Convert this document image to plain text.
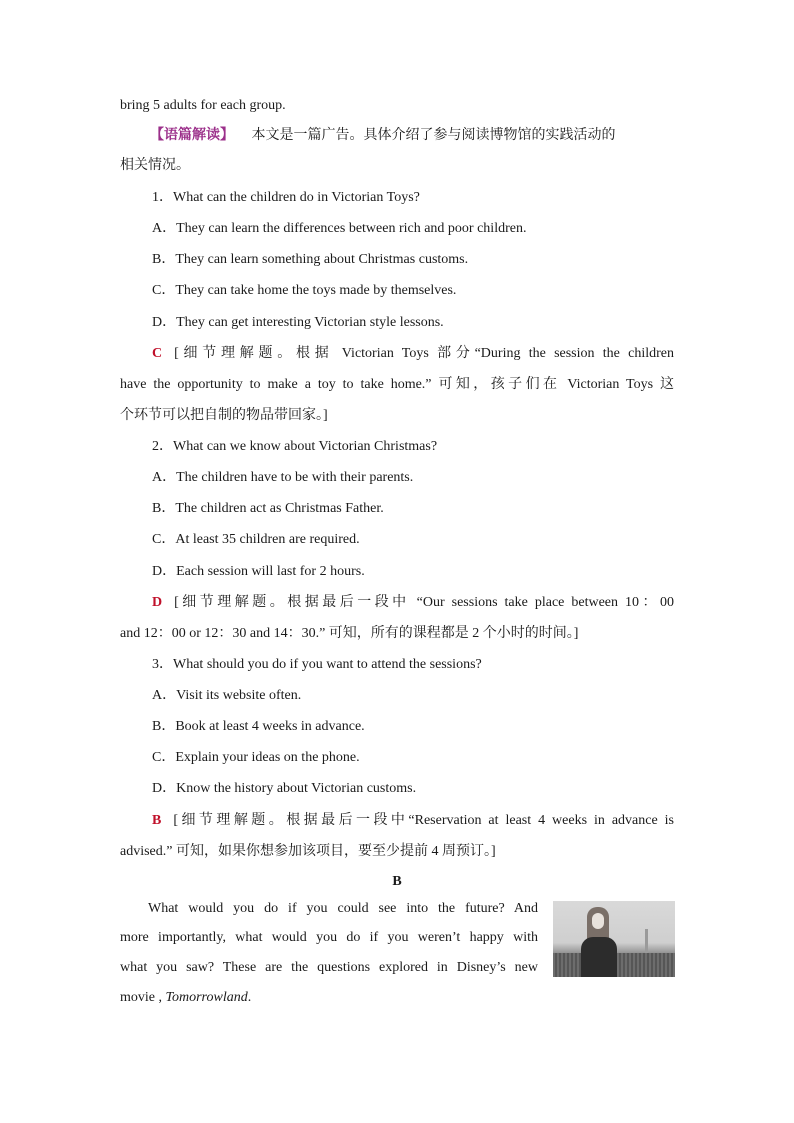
bring 5 adults for each group.
【语篇解读】 本文是一篇广告。具体介绍了参与阅读博物馆的实践活动的
相关情况。
1．What can the children do in Victorian Toys?
A．They can learn the differences between rich and poor children.
B．They can learn something about Christmas customs.
C．They can take home the toys made by themselves.
D．They can get interesting Victorian style lessons.
C [细节理解题。根据 Victorian Toys 部分“During the session the children
have the opportunity to make a toy to take home.” 可知，孩子们在 Victorian Toys 这
个环节可以把自制的物品带回家。]
2．What can we know about Victorian Christmas?
A．The children have to be with their parents.
B．The children act as Christmas Father.
C．At least 35 children are required.
D．Each session will last for 2 hours.
D [细节理解题。根据最后一段中 “Our sessions take place between 10：00
and 12：00 or 12：30 and 14：30.” 可知，所有的课程都是 2 个小时的时间。]
3．What should you do if you want to attend the sessions?
A．Visit its website often.
B．Book at least 4 weeks in advance.
C．Explain your ideas on the phone.
D．Know the history about Victorian customs.
B [细节理解题。根据最后一段中“Reservation at least 4 weeks in advance is
advised.” 可知，如果你想参加该项目，要至少提前 4 周预订。]
B
What would you do if you could see into the future? And
more importantly, what would you do if you weren’t happy with
what you saw? These are the questions explored in Disney’s new
movie , Tomorrowland.
